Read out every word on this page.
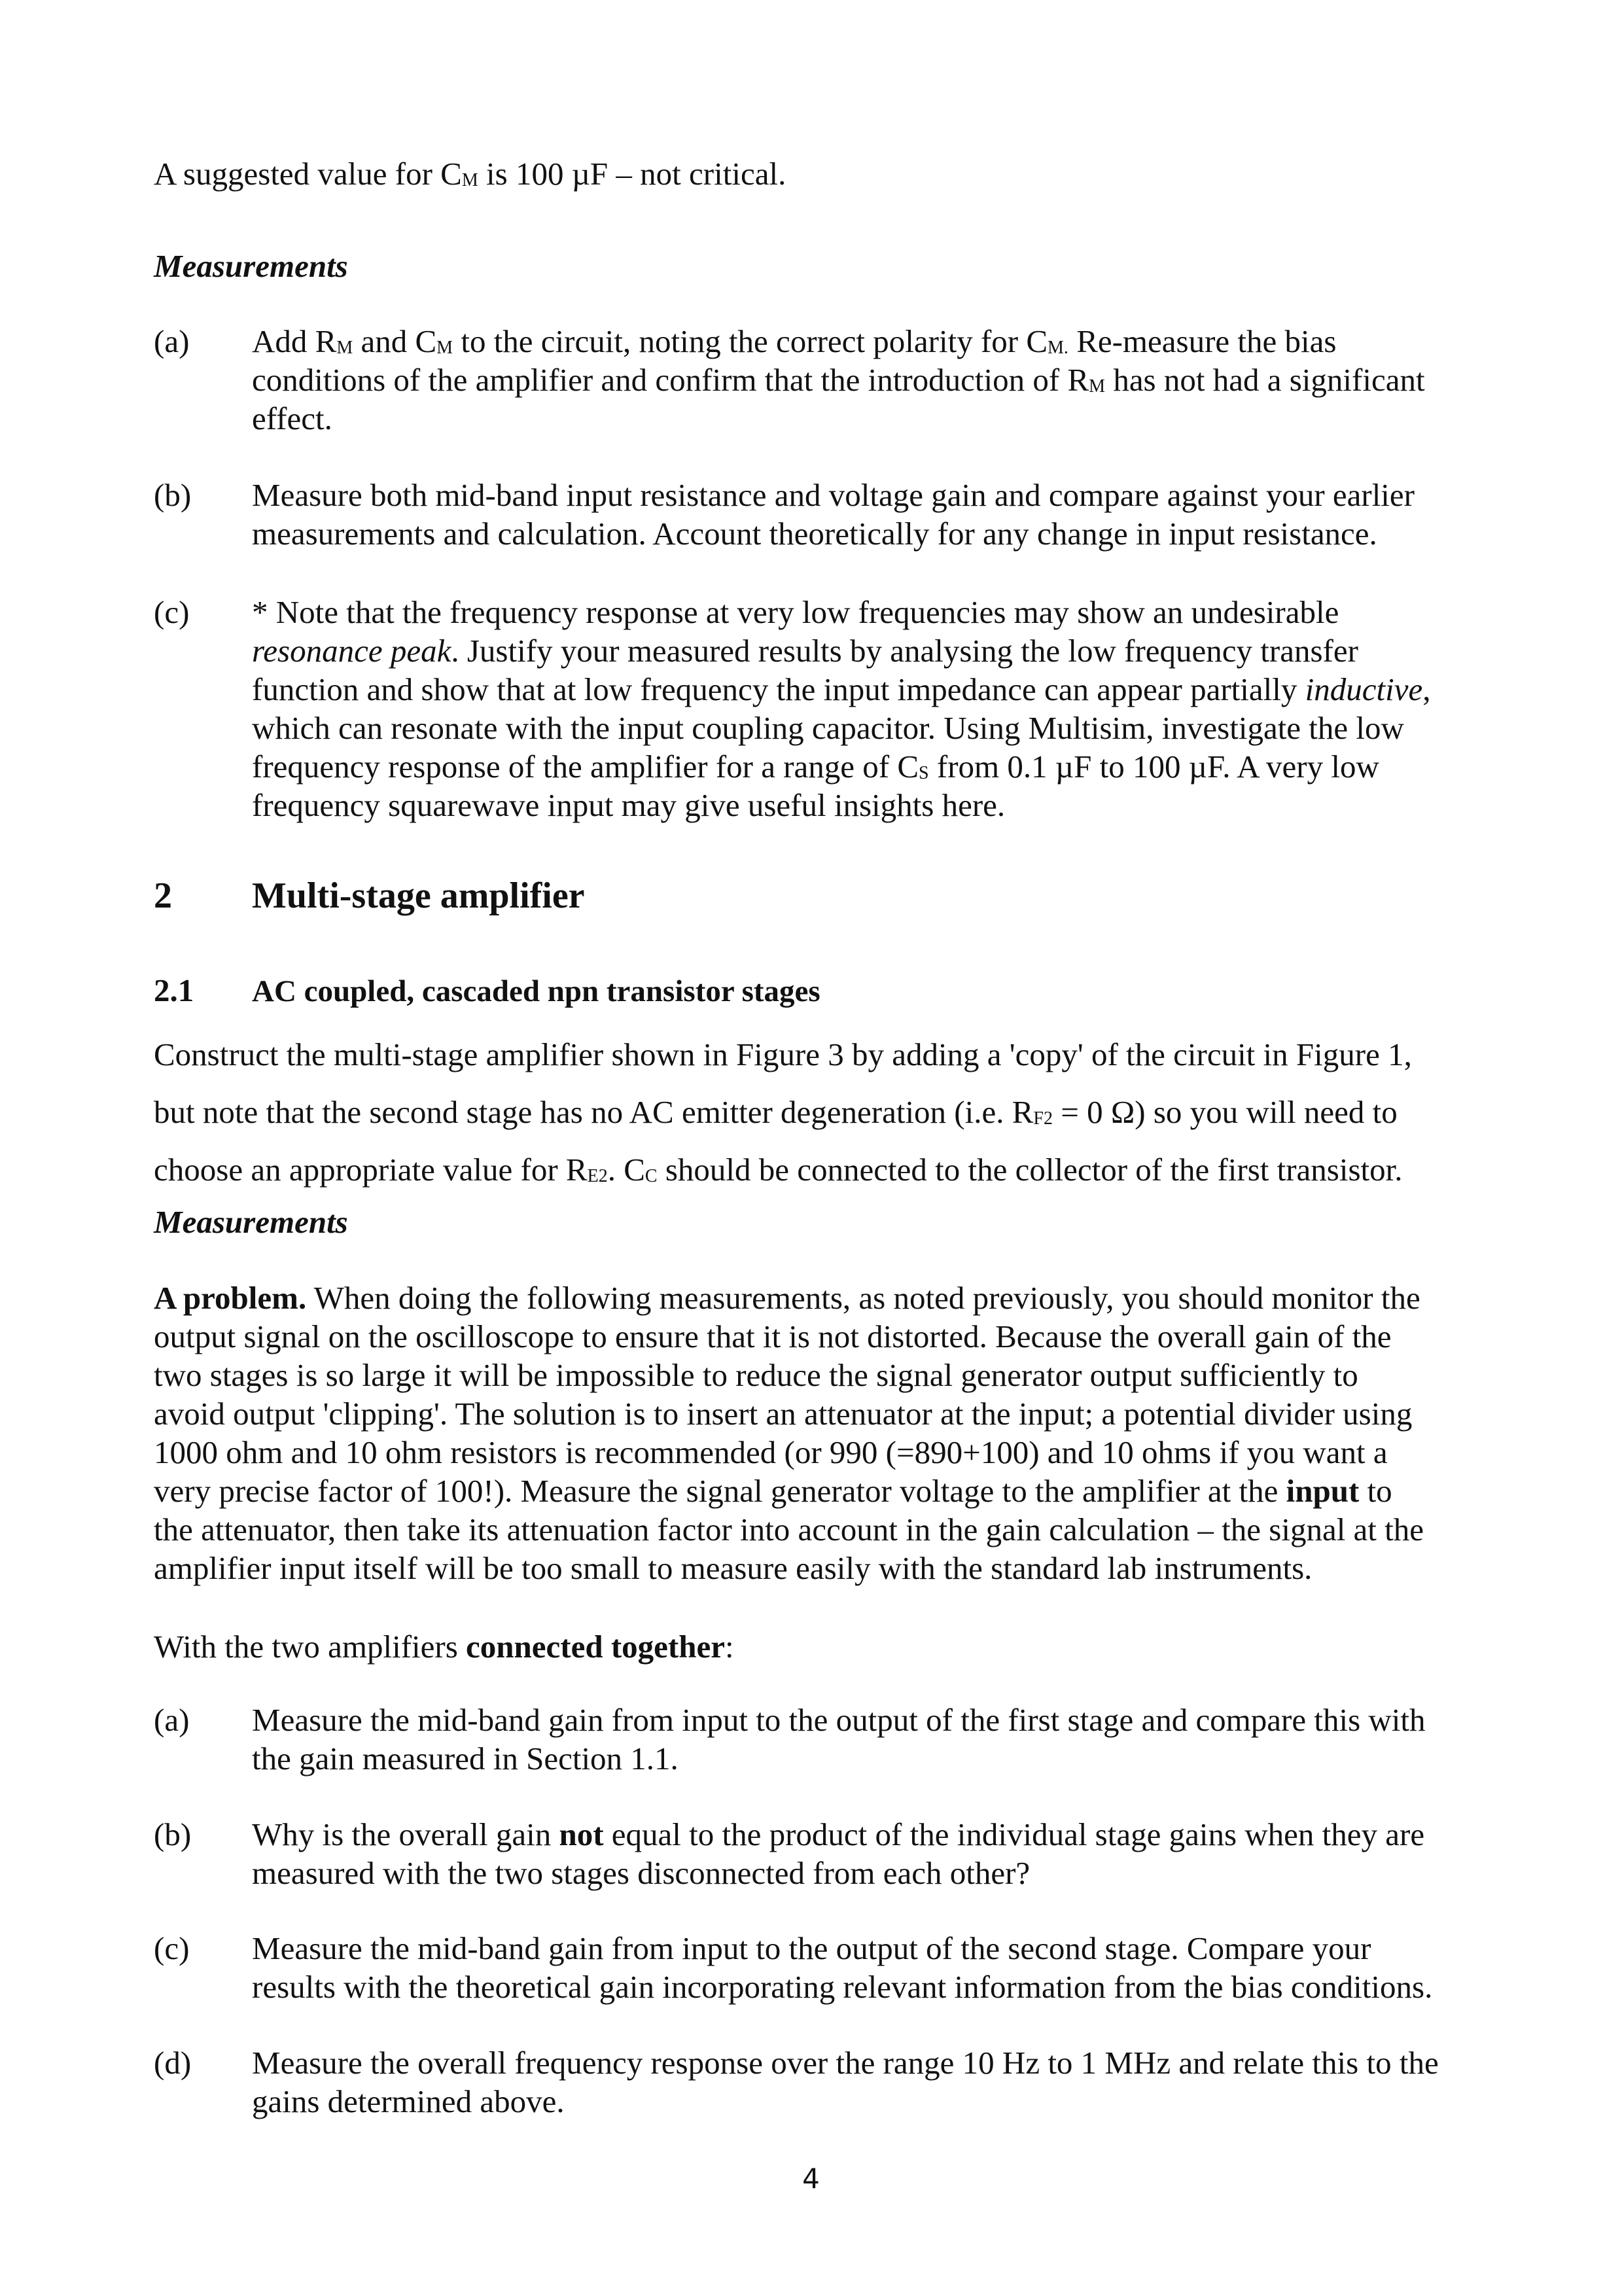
A suggested value for CM is 100 µF – not critical.
Measurements
(a) Add RM and CM to the circuit, noting the correct polarity for CM. Re-measure the bias
conditions of the amplifier and confirm that the introduction of RM has not had a significant
effect.
(b) Measure both mid-band input resistance and voltage gain and compare against your earlier
measurements and calculation. Account theoretically for any change in input resistance.
(c) * Note that the frequency response at very low frequencies may show an undesirable
resonance peak. Justify your measured results by analysing the low frequency transfer
function and show that at low frequency the input impedance can appear partially inductive,
which can resonate with the input coupling capacitor. Using Multisim, investigate the low
frequency response of the amplifier for a range of CS from 0.1 µF to 100 µF. A very low
frequency squarewave input may give useful insights here.
2 Multi-stage amplifier
2.1 AC coupled, cascaded npn transistor stages
Construct the multi-stage amplifier shown in Figure 3 by adding a 'copy' of the circuit in Figure 1,
but note that the second stage has no AC emitter degeneration (i.e. RF2 = 0 Ω) so you will need to
choose an appropriate value for RE2. CC should be connected to the collector of the first transistor.
Measurements
A problem. When doing the following measurements, as noted previously, you should monitor the
output signal on the oscilloscope to ensure that it is not distorted. Because the overall gain of the
two stages is so large it will be impossible to reduce the signal generator output sufficiently to
avoid output 'clipping'. The solution is to insert an attenuator at the input; a potential divider using
1000 ohm and 10 ohm resistors is recommended (or 990 (=890+100) and 10 ohms if you want a
very precise factor of 100!). Measure the signal generator voltage to the amplifier at the input to
the attenuator, then take its attenuation factor into account in the gain calculation – the signal at the
amplifier input itself will be too small to measure easily with the standard lab instruments.
With the two amplifiers connected together:
(a) Measure the mid-band gain from input to the output of the first stage and compare this with
the gain measured in Section 1.1.
(b) Why is the overall gain not equal to the product of the individual stage gains when they are
measured with the two stages disconnected from each other?
(c) Measure the mid-band gain from input to the output of the second stage. Compare your
results with the theoretical gain incorporating relevant information from the bias conditions.
(d) Measure the overall frequency response over the range 10 Hz to 1 MHz and relate this to the
gains determined above.
4
